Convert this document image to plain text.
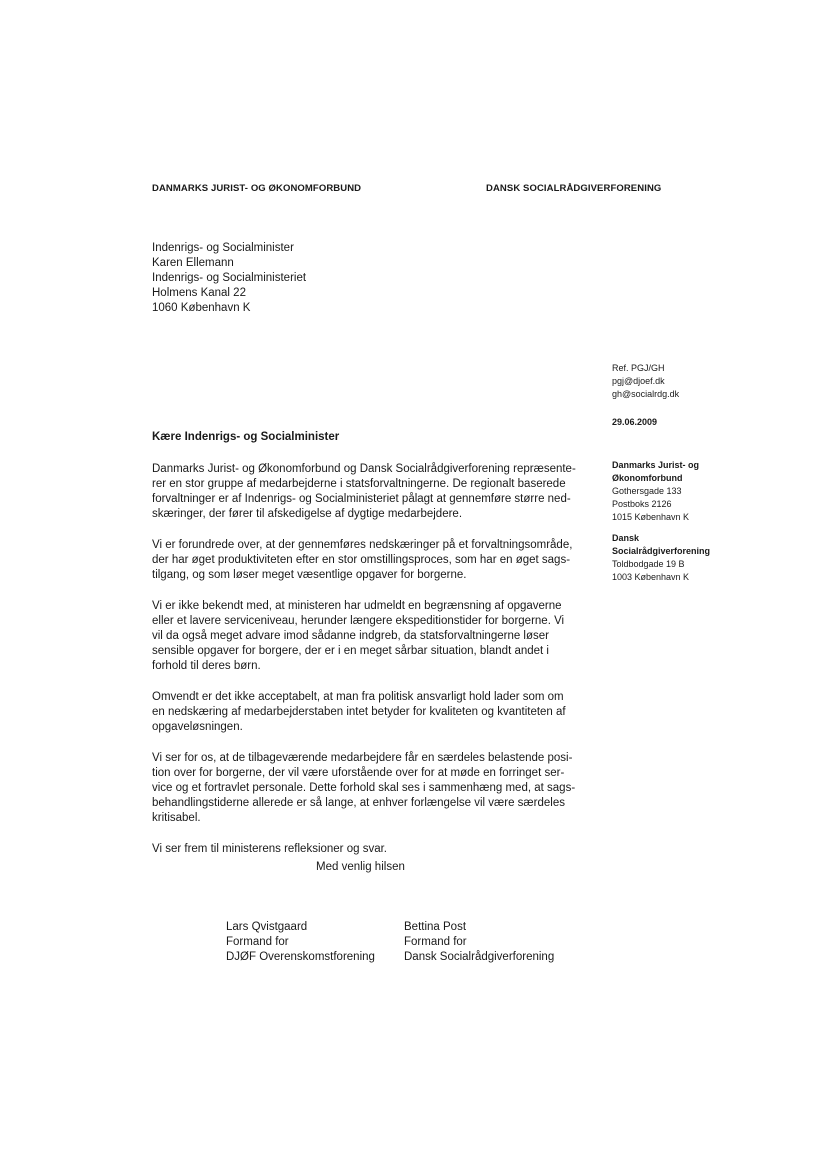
DANMARKS JURIST- OG ØKONOMFORBUND	DANSK SOCIALRÅDGIVERFORENING
Indenrigs- og Socialminister
Karen Ellemann
Indenrigs- og Socialministeriet
Holmens Kanal 22
1060 København K
Ref. PGJ/GH
pgj@djoef.dk
gh@socialrdg.dk
29.06.2009
Danmarks Jurist- og
Økonomforbund
Gothersgade 133
Postboks 2126
1015 København K
Dansk
Socialrådgiverforening
Toldbodgade 19 B
1003 København K
Kære Indenrigs- og Socialminister
Danmarks Jurist- og Økonomforbund og Dansk Socialrådgiverforening repræsente-
rer en stor gruppe af medarbejderne i statsforvaltningerne. De regionalt baserede
forvaltninger er af Indenrigs- og Socialministeriet pålagt at gennemføre større ned-
skæringer, der fører til afskedigelse af dygtige medarbejdere.
Vi er forundrede over, at der gennemføres nedskæringer på et forvaltningsområde,
der har øget produktiviteten efter en stor omstillingsproces, som har en øget sags-
tilgang, og som løser meget væsentlige opgaver for borgerne.
Vi er ikke bekendt med, at ministeren har udmeldt en begrænsning af opgaverne
eller et lavere serviceniveau, herunder længere ekspeditionstider for borgerne. Vi
vil da også meget advare imod sådanne indgreb, da statsforvaltningerne løser
sensible opgaver for borgere, der er i en meget sårbar situation, blandt andet i
forhold til deres børn.
Omvendt er det ikke acceptabelt, at man fra politisk ansvarligt hold lader som om
en nedskæring af medarbejderstaben intet betyder for kvaliteten og kvantiteten af
opgaveløsningen.
Vi ser for os, at de tilbageværende medarbejdere får en særdeles belastende posi-
tion over for borgerne, der vil være uforstående over for at møde en forringet ser-
vice og et fortravlet personale. Dette forhold skal ses i sammenhæng med, at sags-
behandlingstiderne allerede er så lange, at enhver forlængelse vil være særdeles
kritisabel.
Vi ser frem til ministerens refleksioner og svar.
Med venlig hilsen
Lars Qvistgaard
Formand for
DJØF Overenskomstforening
Bettina Post
Formand for
Dansk Socialrådgiverforening
